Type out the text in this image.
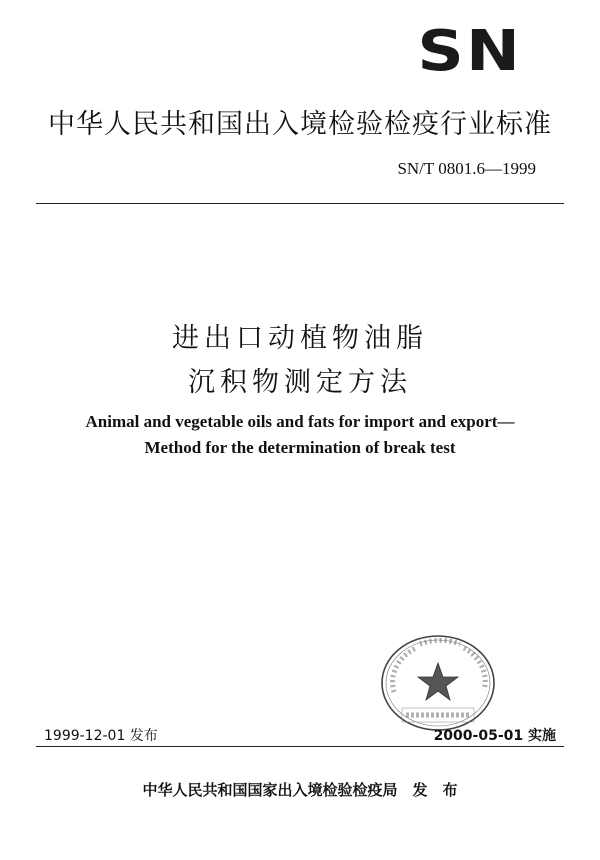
SN
中华人民共和国出入境检验检疫行业标准
SN/T 0801.6—1999
进出口动植物油脂
沉积物测定方法
Animal and vegetable oils and fats for import and export—
Method for the determination of break test
1999-12-01 发布	2000-05-01 实施
中华人民共和国国家出入境检验检疫局　发　布
